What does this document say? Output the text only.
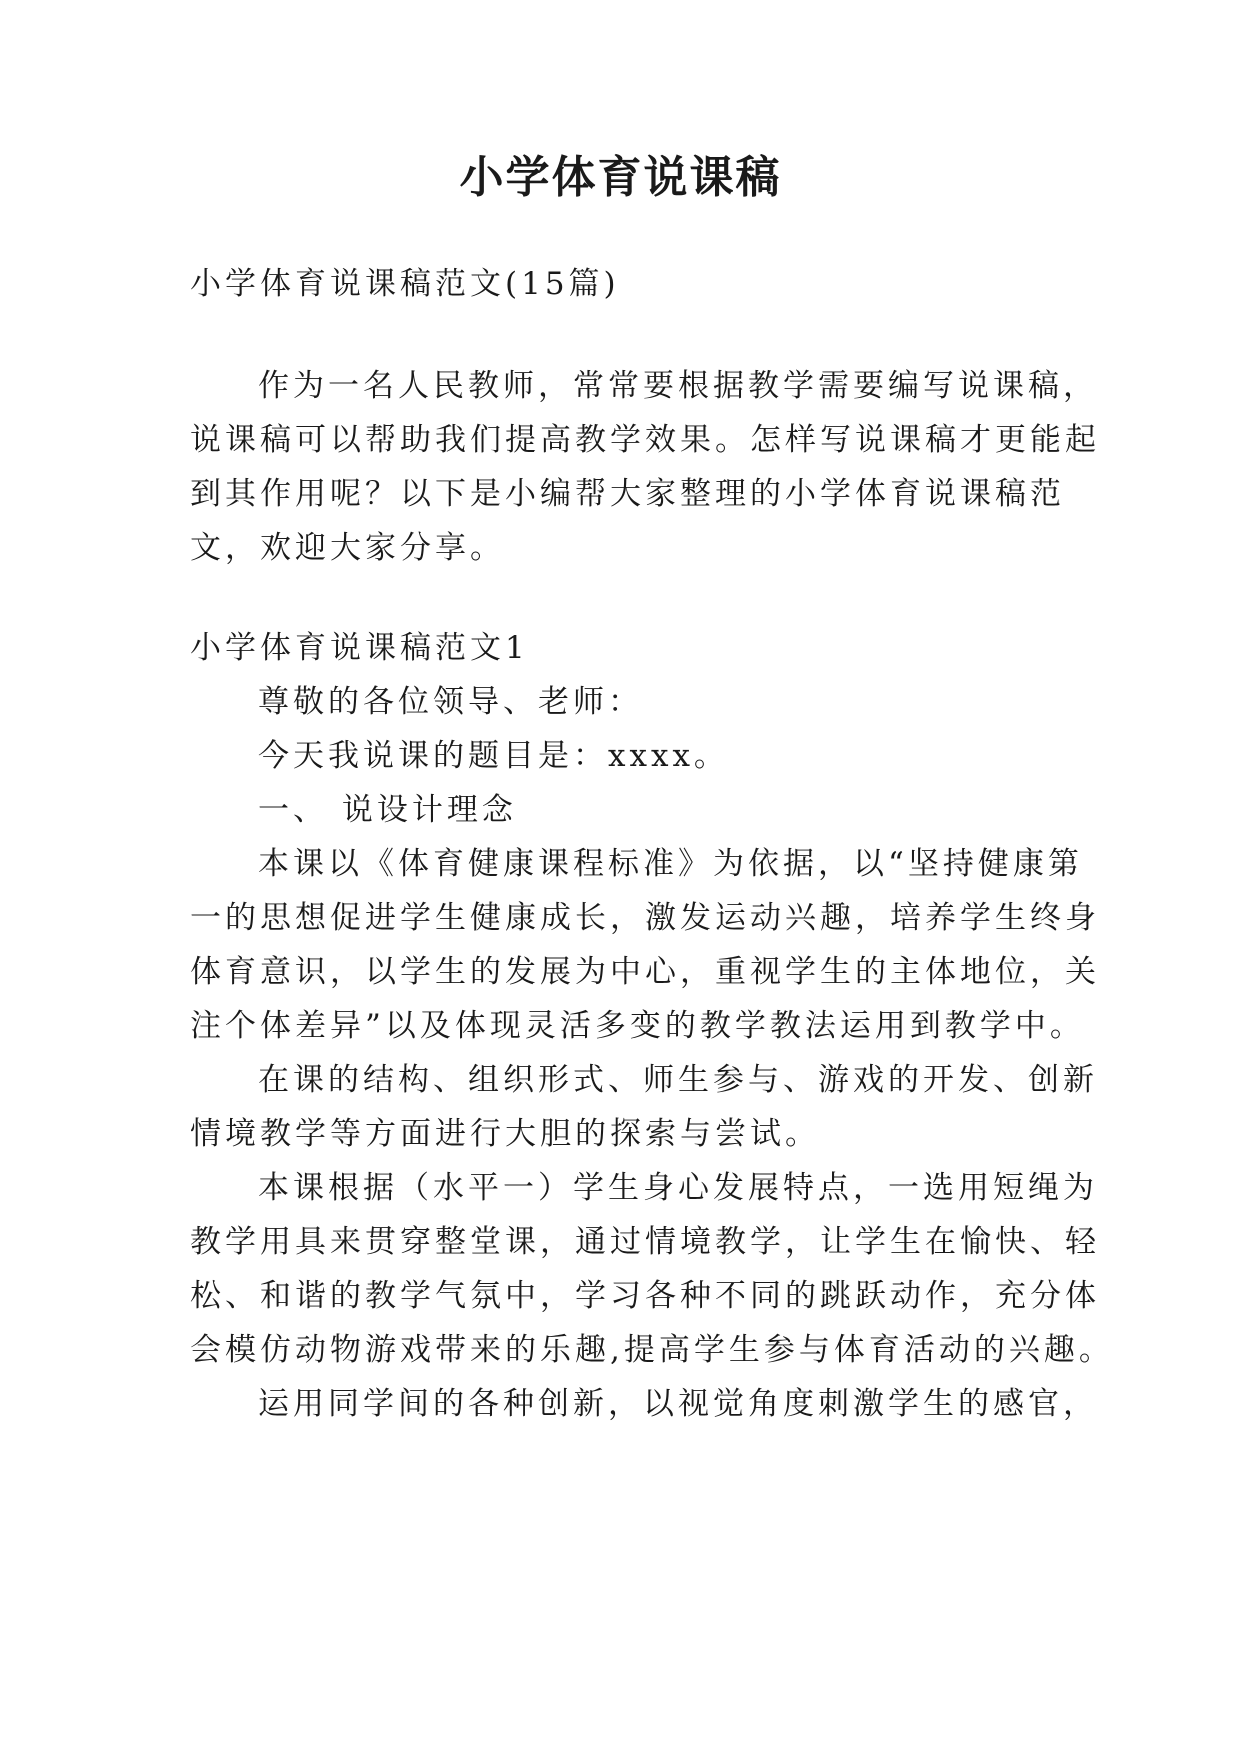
小学体育说课稿

小学体育说课稿范文(15篇)

作为一名人民教师，常常要根据教学需要编写说课稿，

说课稿可以帮助我们提高教学效果。怎样写说课稿才更能起

到其作用呢？以下是小编帮大家整理的小学体育说课稿范

文，欢迎大家分享。

小学体育说课稿范文1

尊敬的各位领导、老师：

今天我说课的题目是：xxxx。

一、 说设计理念

本课以《体育健康课程标准》为依据，以“坚持健康第

一的思想促进学生健康成长，激发运动兴趣，培养学生终身

体育意识，以学生的发展为中心，重视学生的主体地位，关

注个体差异”以及体现灵活多变的教学教法运用到教学中。

在课的结构、组织形式、师生参与、游戏的开发、创新

情境教学等方面进行大胆的探索与尝试。

本课根据（水平一）学生身心发展特点，一选用短绳为

教学用具来贯穿整堂课，通过情境教学，让学生在愉快、轻

松、和谐的教学气氛中，学习各种不同的跳跃动作，充分体

会模仿动物游戏带来的乐趣,提高学生参与体育活动的兴趣。

运用同学间的各种创新，以视觉角度刺激学生的感官，
